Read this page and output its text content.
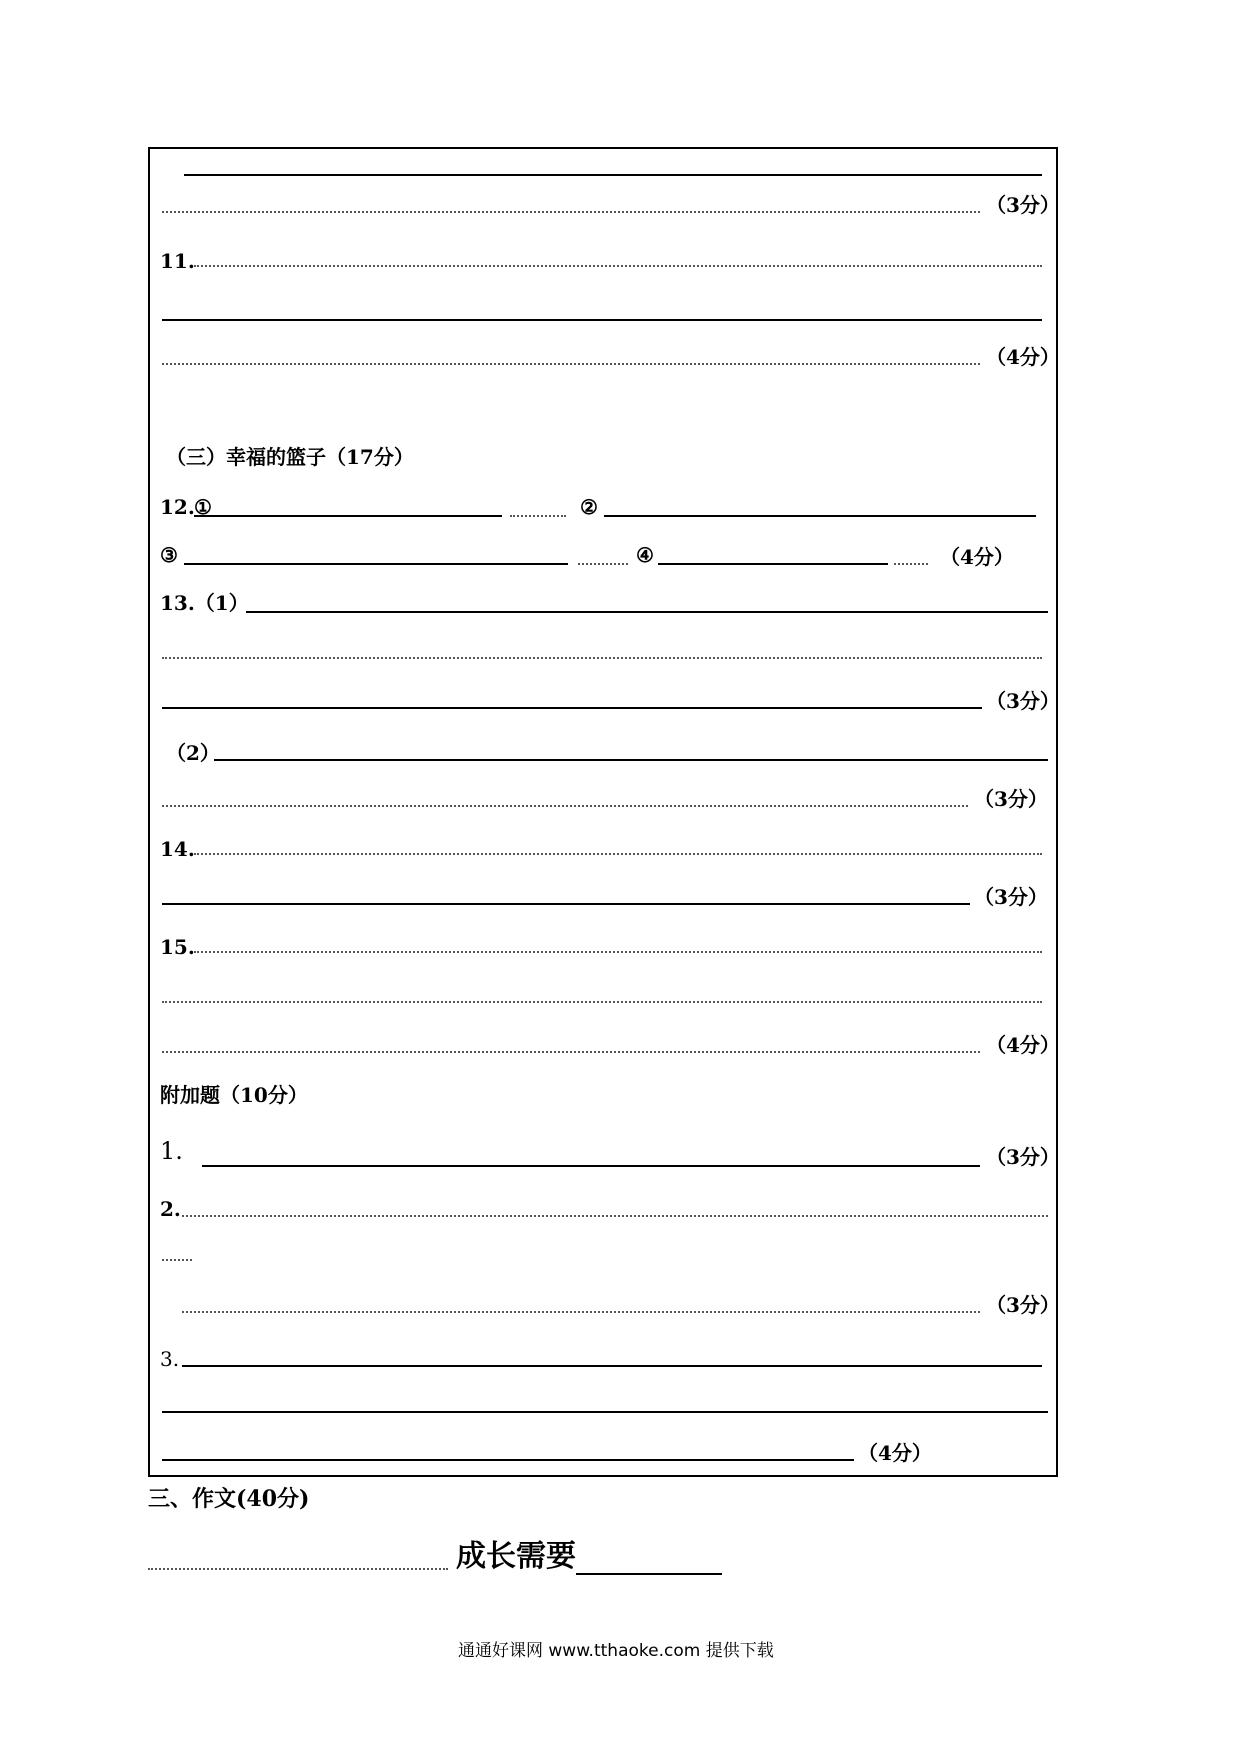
（3分）
11.
（4分）
（三）幸福的篮子（17分）
12. ①	②
③	④	（4分）
13.（1）
（3分）
（2）
（3分）
14.
（3分）
15.
（4分）
附加题（10分）
1.	（3分）
2.
（3分）
3.
（4分）
三、作文(40分)
成长需要
通通好课网 www.tthaoke.com 提供下载
